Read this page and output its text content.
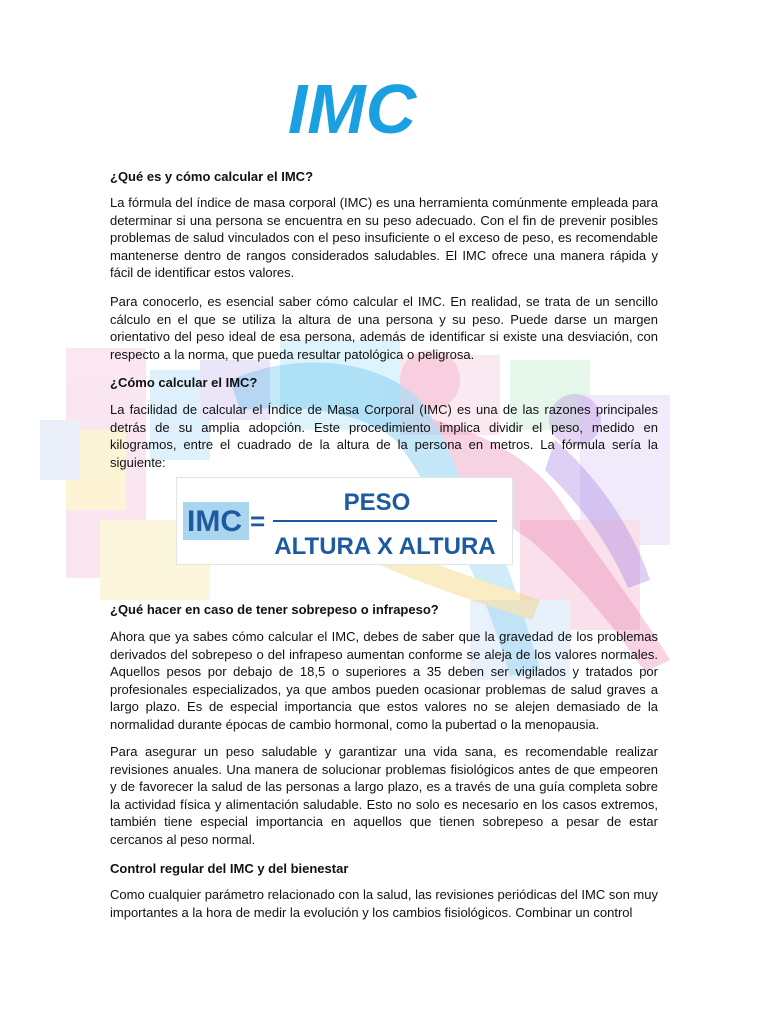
IMC

¿Qué es y cómo calcular el IMC?

La fórmula del índice de masa corporal (IMC) es una herramienta comúnmente empleada para determinar si una persona se encuentra en su peso adecuado. Con el fin de prevenir posibles problemas de salud vinculados con el peso insuficiente o el exceso de peso, es recomendable mantenerse dentro de rangos considerados saludables. El IMC ofrece una manera rápida y fácil de identificar estos valores.

Para conocerlo, es esencial saber cómo calcular el IMC. En realidad, se trata de un sencillo cálculo en el que se utiliza la altura de una persona y su peso. Puede darse un margen orientativo del peso ideal de esa persona, además de identificar si existe una desviación, con respecto a la norma, que pueda resultar patológica o peligrosa.

¿Cómo calcular el IMC?

La facilidad de calcular el Índice de Masa Corporal (IMC) es una de las razones principales detrás de su amplia adopción. Este procedimiento implica dividir el peso, medido en kilogramos, entre el cuadrado de la altura de la persona en metros. La fórmula sería la siguiente:

¿Qué hacer en caso de tener sobrepeso o infrapeso?

Ahora que ya sabes cómo calcular el IMC, debes de saber que la gravedad de los problemas derivados del sobrepeso o del infrapeso aumentan conforme se aleja de los valores normales. Aquellos pesos por debajo de 18,5 o superiores a 35 deben ser vigilados y tratados por profesionales especializados, ya que ambos pueden ocasionar problemas de salud graves a largo plazo. Es de especial importancia que estos valores no se alejen demasiado de la normalidad durante épocas de cambio hormonal, como la pubertad o la menopausia.

Para asegurar un peso saludable y garantizar una vida sana, es recomendable realizar revisiones anuales. Una manera de solucionar problemas fisiológicos antes de que empeoren y de favorecer la salud de las personas a largo plazo, es a través de una guía completa sobre la actividad física y alimentación saludable. Esto no solo es necesario en los casos extremos, también tiene especial importancia en aquellos que tienen sobrepeso a pesar de estar cercanos al peso normal.

Control regular del IMC y del bienestar

Como cualquier parámetro relacionado con la salud, las revisiones periódicas del IMC son muy importantes a la hora de medir la evolución y los cambios fisiológicos. Combinar un control

IMC =
PESO
ALTURA X ALTURA
